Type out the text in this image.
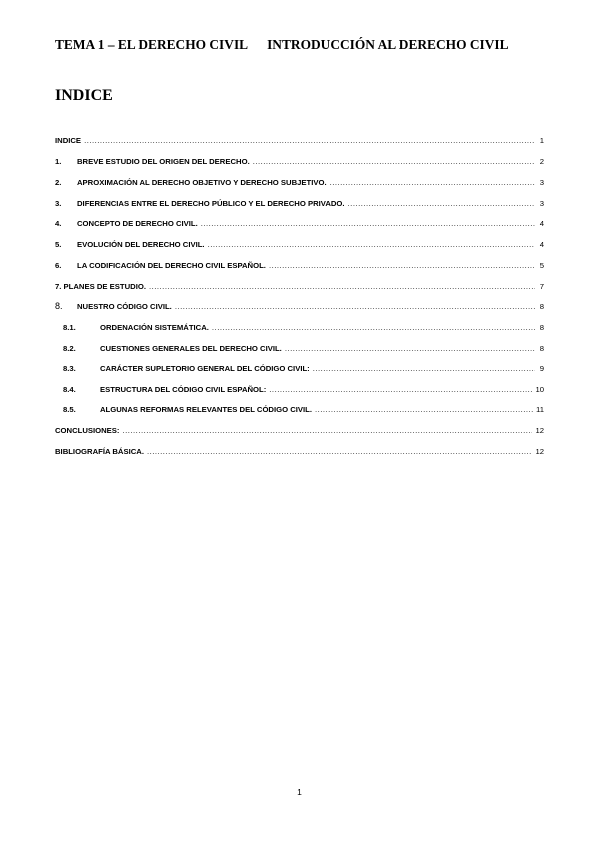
TEMA 1 – EL DERECHO CIVIL INTRODUCCIÓN AL DERECHO CIVIL
INDICE
INDICE .....	1
1.	BREVE ESTUDIO DEL ORIGEN DEL DERECHO. .....	2
2.	APROXIMACIÓN AL DERECHO OBJETIVO Y DERECHO SUBJETIVO. .....	3
3.	DIFERENCIAS ENTRE EL DERECHO PÚBLICO Y EL DERECHO PRIVADO. .....	3
4.	CONCEPTO DE DERECHO CIVIL. .....	4
5.	EVOLUCIÓN DEL DERECHO CIVIL. .....	4
6.	LA CODIFICACIÓN DEL DERECHO CIVIL ESPAÑOL. .....	5
7. PLANES DE ESTUDIO. .....	7
8.	NUESTRO CÓDIGO CIVIL. .....	8
8.1.	ORDENACIÓN SISTEMÁTICA. .....	8
8.2.	CUESTIONES GENERALES DEL DERECHO CIVIL. .....	8
8.3.	CARÁCTER SUPLETORIO GENERAL DEL CÓDIGO CIVIL: .....	9
8.4.	ESTRUCTURA DEL CÓDIGO CIVIL ESPAÑOL: .....	10
8.5.	ALGUNAS REFORMAS RELEVANTES DEL CÓDIGO CIVIL. .....	11
CONCLUSIONES: .....	12
BIBLIOGRAFÍA BÁSICA. .....	12
1
